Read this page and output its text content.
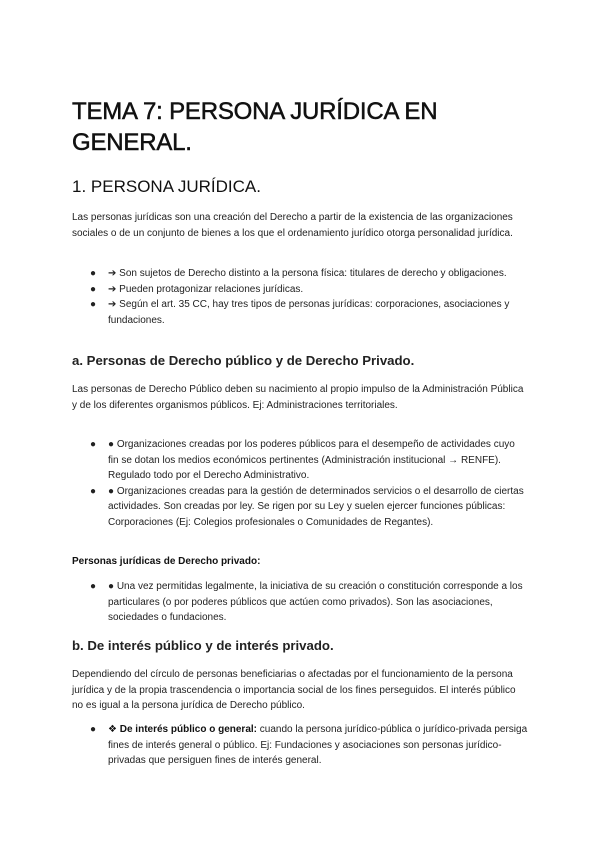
TEMA 7: PERSONA JURÍDICA EN GENERAL.
1. PERSONA JURÍDICA.
Las personas jurídicas son una creación del Derecho a partir de la existencia de las organizaciones sociales o de un conjunto de bienes a los que el ordenamiento jurídico otorga personalidad jurídica.
● ➔ Son sujetos de Derecho distinto a la persona física: titulares de derecho y obligaciones.
● ➔ Pueden protagonizar relaciones jurídicas.
● ➔ Según el art. 35 CC, hay tres tipos de personas jurídicas: corporaciones, asociaciones y fundaciones.
a. Personas de Derecho público y de Derecho Privado.
Las personas de Derecho Público deben su nacimiento al propio impulso de la Administración Pública y de los diferentes organismos públicos. Ej: Administraciones territoriales.
● ● Organizaciones creadas por los poderes públicos para el desempeño de actividades cuyo fin se dotan los medios económicos pertinentes (Administración institucional → RENFE). Regulado todo por el Derecho Administrativo.
● ● Organizaciones creadas para la gestión de determinados servicios o el desarrollo de ciertas actividades. Son creadas por ley. Se rigen por su Ley y suelen ejercer funciones públicas: Corporaciones (Ej: Colegios profesionales o Comunidades de Regantes).
Personas jurídicas de Derecho privado:
● ● Una vez permitidas legalmente, la iniciativa de su creación o constitución corresponde a los particulares (o por poderes públicos que actúen como privados). Son las asociaciones, sociedades o fundaciones.
b. De interés público y de interés privado.
Dependiendo del círculo de personas beneficiarias o afectadas por el funcionamiento de la persona jurídica y de la propia trascendencia o importancia social de los fines perseguidos. El interés público no es igual a la persona jurídica de Derecho público.
● ❖ De interés público o general: cuando la persona jurídico-pública o jurídico-privada persiga fines de interés general o público. Ej: Fundaciones y asociaciones son personas jurídico-privadas que persiguen fines de interés general.
